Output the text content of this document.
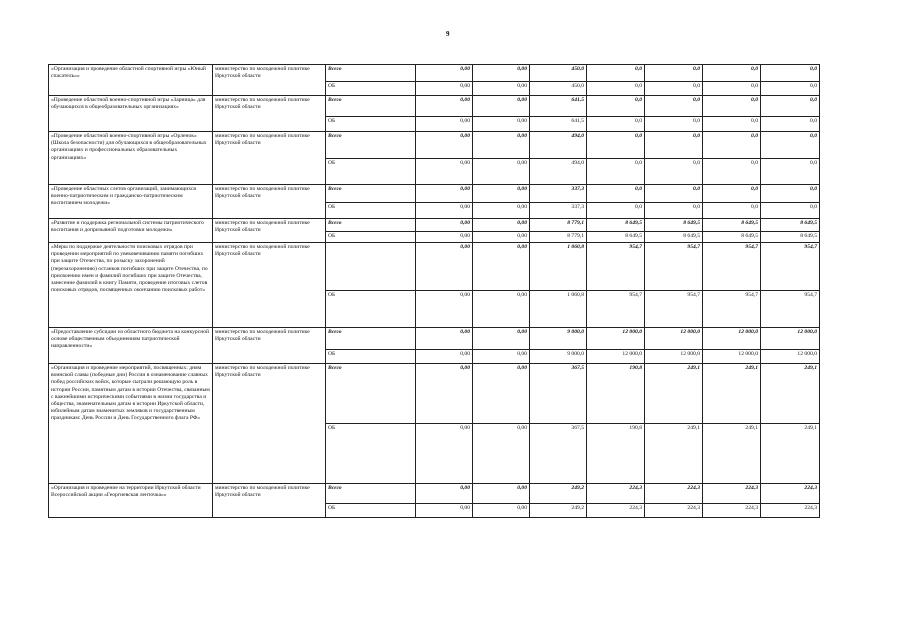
9
«Организация и проведение областной спортивной игры «Юный спасатель»»	министерство по молодежной политике Иркутской области	Всего	0,00	0,00	450,0	0,0	0,0	0,0	0,0
		ОБ	0,00	0,00	450,0	0,0	0,0	0,0	0,0
«Проведение областной военно-спортивной игры «Зарница» для обучающихся в общеобразовательных организациях»	министерство по молодежной политике Иркутской области	Всего	0,00	0,00	641,5	0,0	0,0	0,0	0,0
		ОБ	0,00	0,00	641,5	0,0	0,0	0,0	0,0
«Проведение областной военно-спортивной игры «Орленок» (Школа безопасности) для обучающихся в общеобразовательных организациях и профессиональных образовательных организациях»	министерство по молодежной политике Иркутской области	Всего	0,00	0,00	494,0	0,0	0,0	0,0	0,0
		ОБ	0,00	0,00	494,0	0,0	0,0	0,0	0,0
«Проведение областных слетов организаций, занимающихся военно-патриотическим и гражданско-патриотическим воспитанием молодежи»	министерство по молодежной политике Иркутской области	Всего	0,00	0,00	337,3	0,0	0,0	0,0	0,0
		ОБ	0,00	0,00	337,3	0,0	0,0	0,0	0,0
«Развитие и поддержка региональной системы патриотического воспитания и допризывной подготовки молодежи»	министерство по молодежной политике Иркутской области	Всего	0,00	0,00	8 779,1	8 649,5	8 649,5	8 649,5	8 649,5
		ОБ	0,00	0,00	8 779,1	8 649,5	8 649,5	8 649,5	8 649,5
«Меры по поддержке деятельности поисковых отрядов при проведении мероприятий по увековечиванию памяти погибших при защите Отечества, по розыску захоронений (перезахоронению) останков погибших при защите Отечества, по присвоению имен и фамилий погибших при защите Отечества, занесение фамилий в книгу Памяти, проведение итоговых слетов поисковых отрядов, посвященных окончанию поисковых работ»	министерство по молодежной политике Иркутской области		0,00	0,00	1 060,8	954,7	954,7	954,7	954,7
		ОБ	0,00	0,00	1 060,8	954,7	954,7	954,7	954,7
«Предоставление субсидии из областного бюджета на конкурсной основе общественным объединениям патриотической направленности»	министерство по молодежной политике Иркутской области	Всего	0,00	0,00	9 000,0	12 000,0	12 000,0	12 000,0	12 000,0
		ОБ	0,00	0,00	9 000,0	12 000,0	12 000,0	12 000,0	12 000,0
«Организация и проведение мероприятий, посвященных: дням воинской славы (победные дни) России в ознаменование славных побед российских войск, которые сыграли решающую роль в истории России, памятным датам в истории Отечества, связанным с важнейшими историческими событиями в жизни государства и общества, знаменательным датам в истории Иркутской области, юбилейным датам знаменитых земляков и государственным праздникам: День России и День Государственного флага РФ»	министерство по молодежной политике Иркутской области	Всего	0,00	0,00	367,5	190,8	249,1	249,1	249,1
		ОБ	0,00	0,00	367,5	190,8	249,1	249,1	249,1
«Организация и проведение на территории Иркутской области Всероссийской акции «Георгиевская ленточка»»	министерство по молодежной политике Иркутской области	Всего	0,00	0,00	249,2	224,3	224,3	224,3	224,3
		ОБ	0,00	0,00	249,2	224,3	224,3	224,3	224,3
